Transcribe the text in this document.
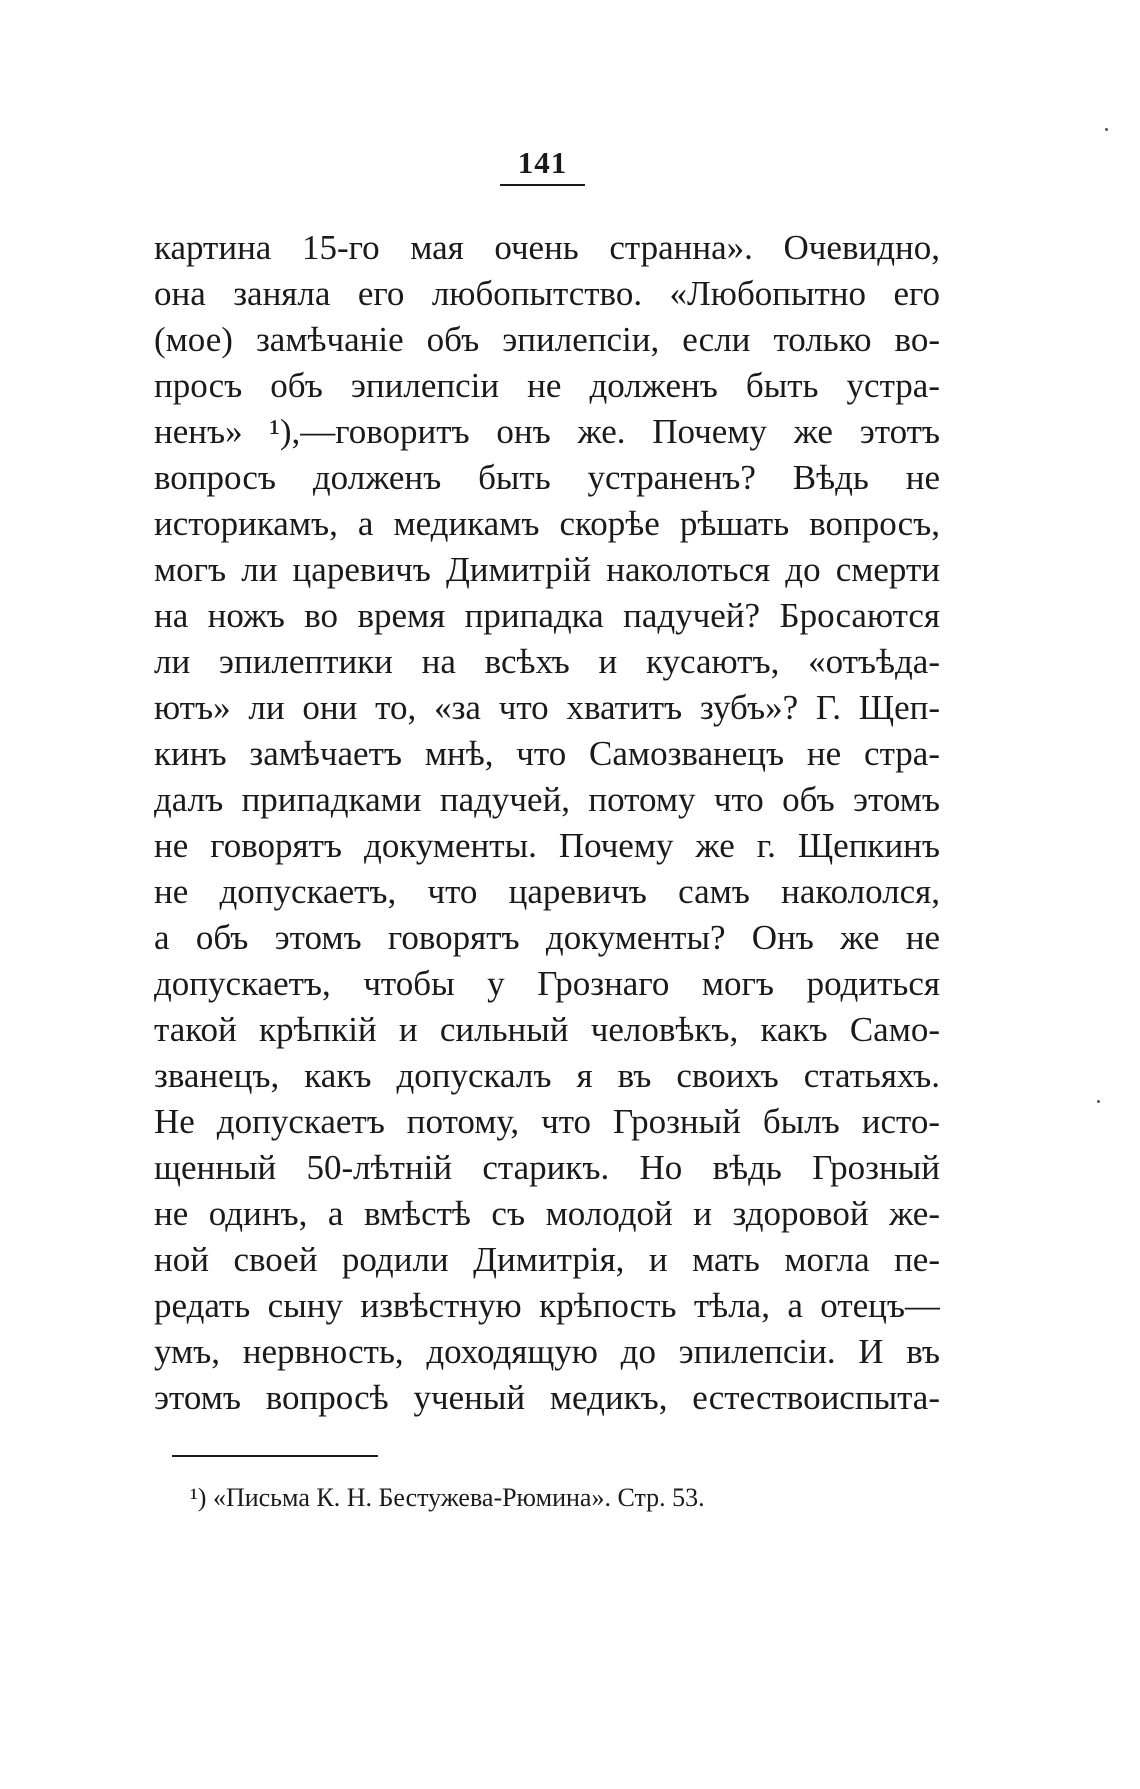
141
картина 15-го мая очень странна». Очевидно,
она заняла его любопытство. «Любопытно его
(мое) замѣчаніе объ эпилепсіи, если только во-
просъ объ эпилепсіи не долженъ быть устра-
ненъ» ¹),—говоритъ онъ же. Почему же этотъ
вопросъ долженъ быть устраненъ? Вѣдь не
историкамъ, а медикамъ скорѣе рѣшать вопросъ,
могъ ли царевичъ Димитрій наколоться до смерти
на ножъ во время припадка падучей? Бросаются
ли эпилептики на всѣхъ и кусаютъ, «отъѣда-
ютъ» ли они то, «за что хватитъ зубъ»? Г. Щеп-
кинъ замѣчаетъ мнѣ, что Самозванецъ не стра-
далъ припадками падучей, потому что объ этомъ
не говорятъ документы. Почему же г. Щепкинъ
не допускаетъ, что царевичъ самъ накололся,
а объ этомъ говорятъ документы? Онъ же не
допускаетъ, чтобы у Грознаго могъ родиться
такой крѣпкій и сильный человѣкъ, какъ Само-
званецъ, какъ допускалъ я въ своихъ статьяхъ.
Не допускаетъ потому, что Грозный былъ исто-
щенный 50-лѣтній старикъ. Но вѣдь Грозный
не одинъ, а вмѣстѣ съ молодой и здоровой же-
ной своей родили Димитрія, и мать могла пе-
редать сыну извѣстную крѣпость тѣла, а отецъ—
умъ, нервность, доходящую до эпилепсіи. И въ
этомъ вопросѣ ученый медикъ, естествоиспыта-
¹) «Письма К. Н. Бестужева-Рюмина». Стр. 53.
